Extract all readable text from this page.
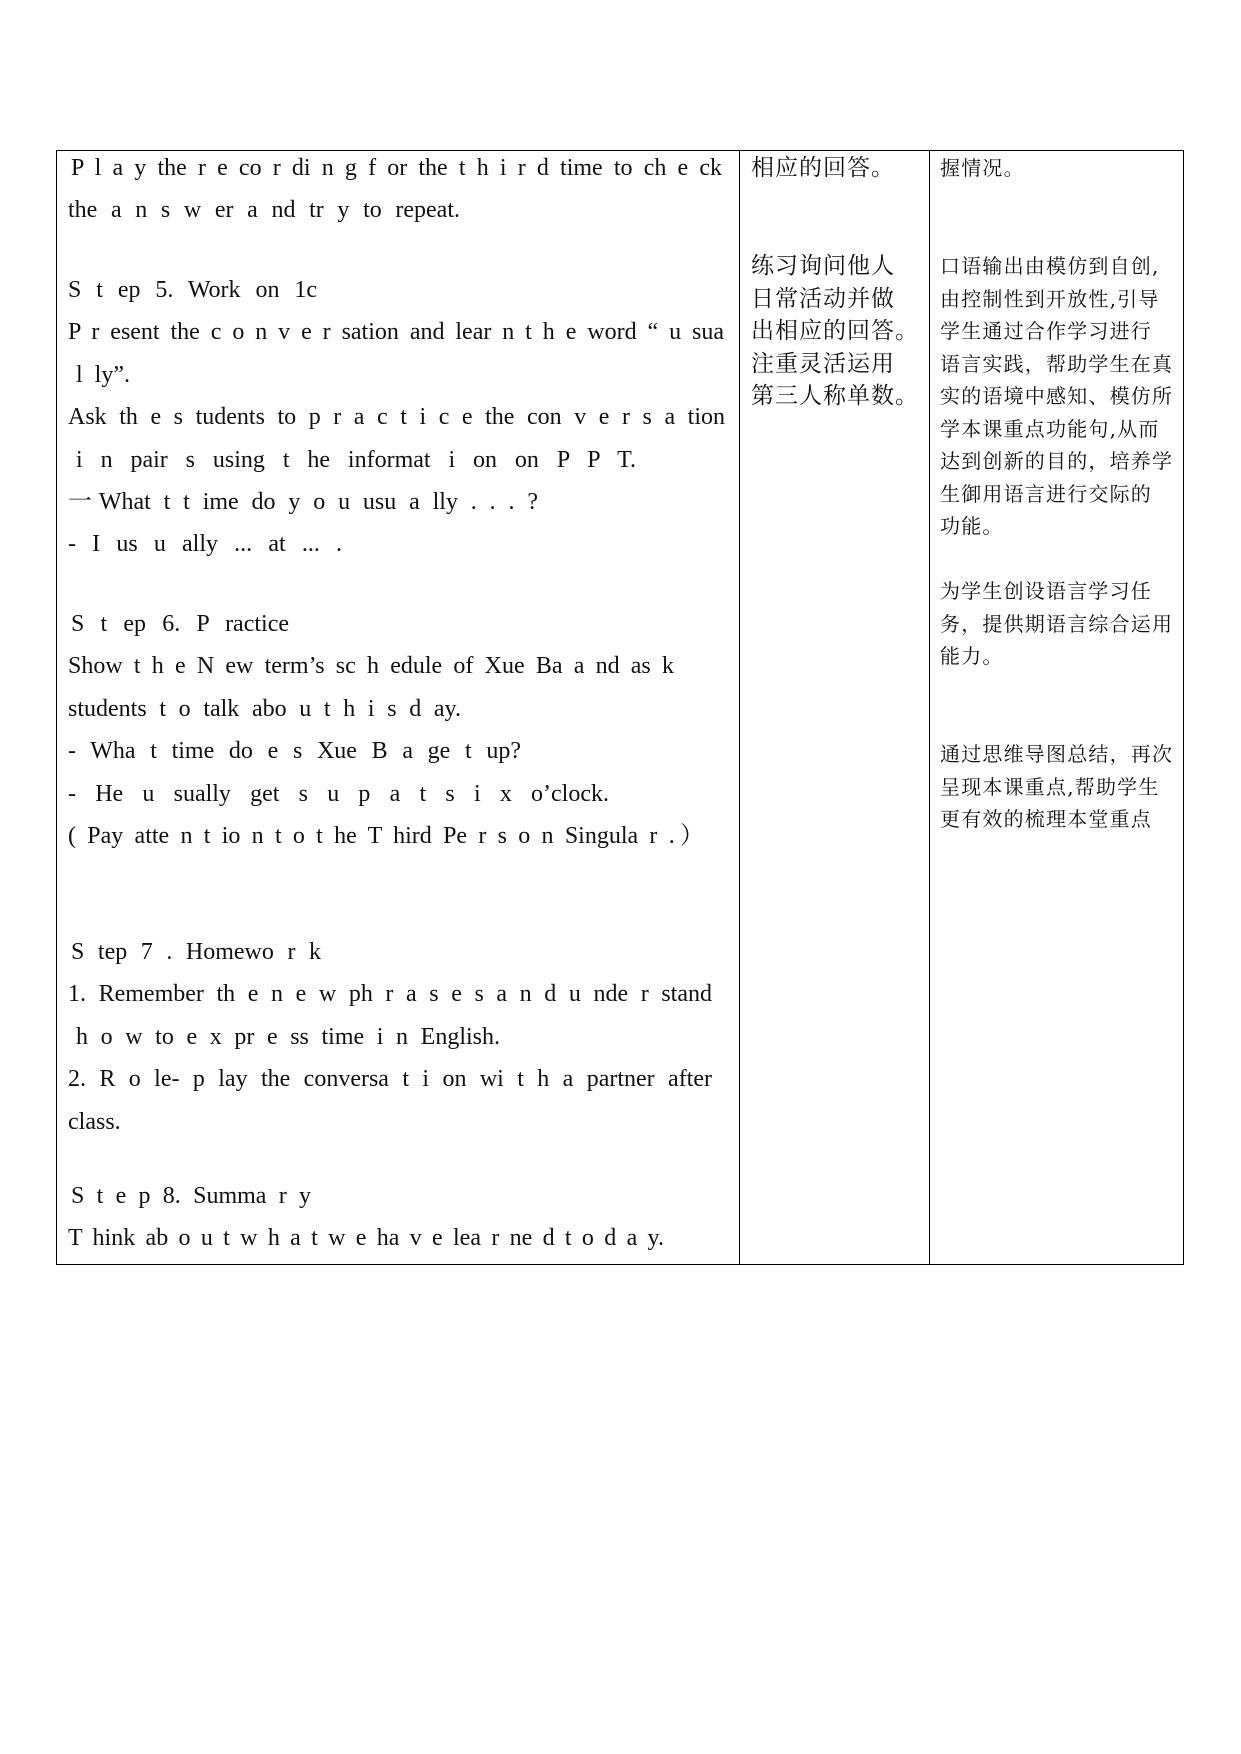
P l a y the r e co r di n g f or the t h i r d time to ch e ck
the a n s w er a nd tr y to repeat.
S t ep 5. Work on 1c
P r esent the c o n v e r sation and lear n t h e word “ u sua
l ly”.
Ask th e s tudents to p r a c t i c e the con v e r s a tion
i n pair s using t he informat i on on P P T.
一What t t ime do y o u usu a lly . . . ?
- I us u ally ... at ... .
S t ep 6. P ractice
Show t h e N ew term’s sc h edule of Xue Ba a nd as k
students t o talk abo u t h i s d ay.
- Wha t time do e s Xue B a ge t up?
- He u sually get s u p a t s i x o’clock.
( Pay atte n t io n t o t he T hird Pe r s o n Singula r .）
S tep 7 . Homewo r k
1. Remember th e n e w ph r a s e s a n d u nde r stand
h o w to e x pr e ss time i n English.
2. R o le- p lay the conversa t i on wi t h a partner after
class.
S t e p 8. Summa r y
T hink ab o u t w h a t w e ha v e lea r ne d t o d a y.
相应的回答。
练习询问他人
日常活动并做
出相应的回答。
注重灵活运用
第三人称单数。
握情况。
口语输出由模仿到自创,
由控制性到开放性,引导
学生通过合作学习进行
语言实践，帮助学生在真
实的语境中感知、模仿所
学本课重点功能句,从而
达到创新的目的，培养学
生御用语言进行交际的
功能。
为学生创设语言学习任
务，提供期语言综合运用
能力。
通过思维导图总结，再次
呈现本课重点,帮助学生
更有效的梳理本堂重点
